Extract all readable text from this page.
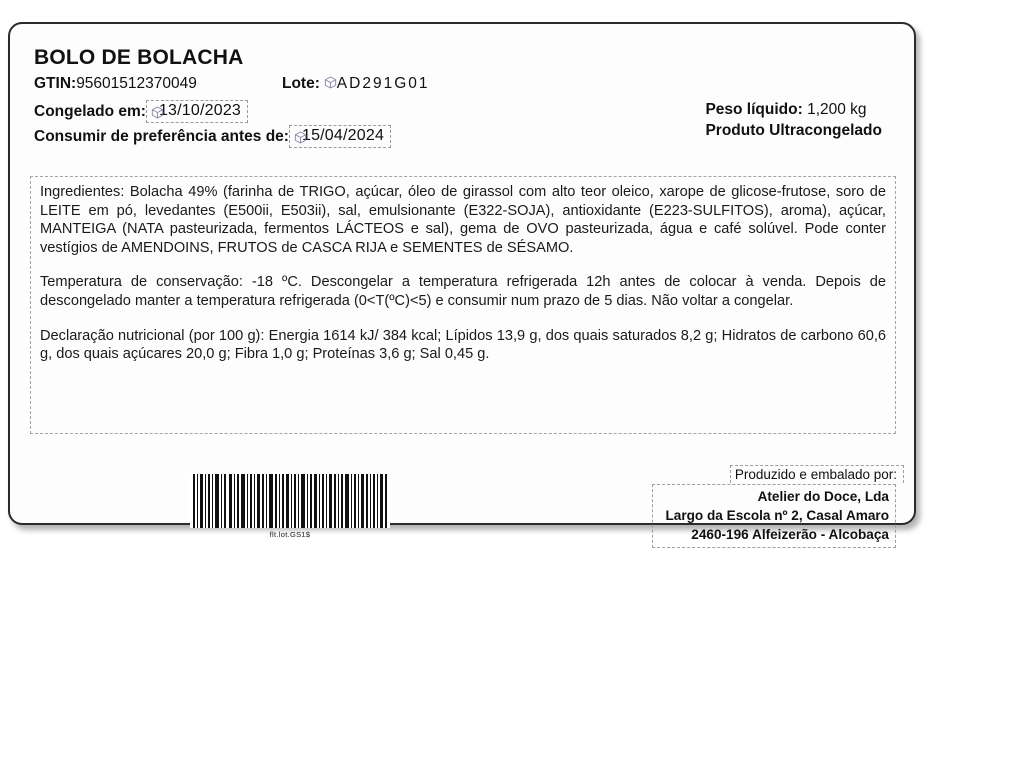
BOLO DE BOLACHA
GTIN:95601512370049	Lote: AD291G01
Congelado em: 13/10/2023
Consumir de preferência antes de: 15/04/2024
Peso líquido: 1,200 kg
Produto Ultracongelado

Ingredientes: Bolacha 49% (farinha de TRIGO, açúcar, óleo de girassol com alto teor oleico, xarope de glicose-frutose, soro de LEITE em pó, levedantes (E500ii, E503ii), sal, emulsionante (E322-SOJA), antioxidante (E223-SULFITOS), aroma), açúcar, MANTEIGA (NATA pasteurizada, fermentos LÁCTEOS e sal), gema de OVO pasteurizada, água e café solúvel. Pode conter vestígios de AMENDOINS, FRUTOS de CASCA RIJA e SEMENTES de SÉSAMO.

Temperatura de conservação: -18 ºC. Descongelar a temperatura refrigerada 12h antes de colocar à venda. Depois de descongelado manter a temperatura refrigerada (0<T(ºC)<5) e consumir num prazo de 5 dias. Não voltar a congelar.

Declaração nutricional (por 100 g): Energia 1614 kJ/ 384 kcal; Lípidos 13,9 g, dos quais saturados 8,2 g; Hidratos de carbono 60,6 g, dos quais açúcares 20,0 g; Fibra 1,0 g; Proteínas 3,6 g; Sal 0,45 g.

flt.lot.GS1$
Produzido e embalado por:
Atelier do Doce, Lda
Largo da Escola nº 2, Casal Amaro
2460-196 Alfeizerão - Alcobaça
